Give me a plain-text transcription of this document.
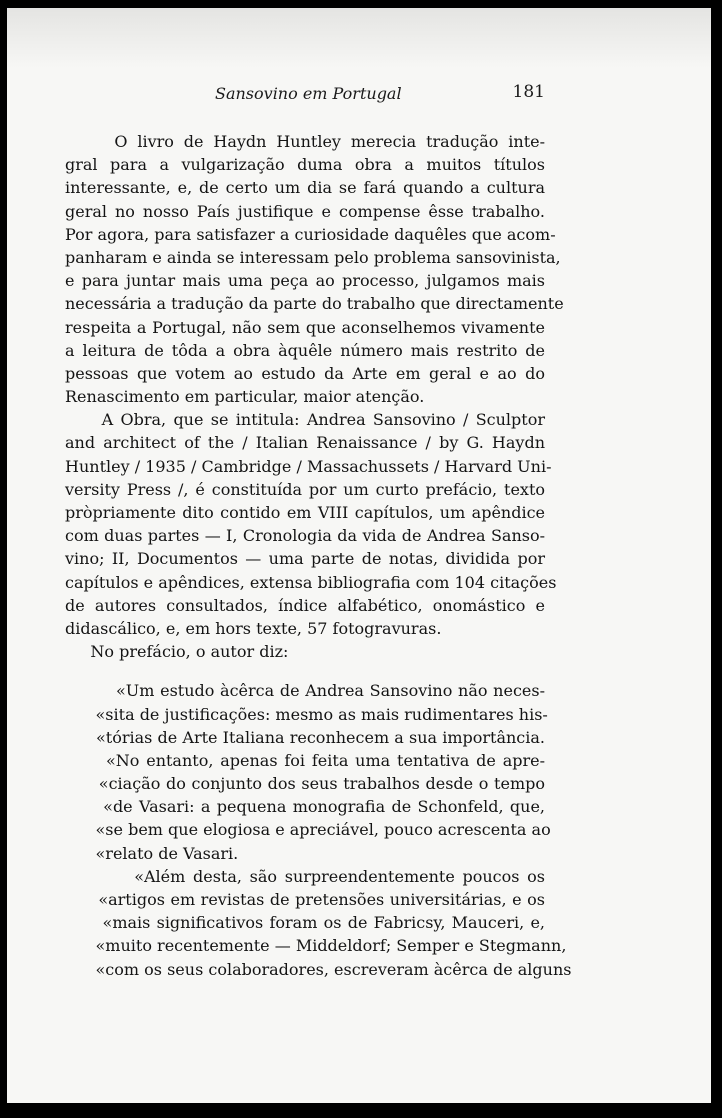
Sansovino em Portugal	181
O livro de Haydn Huntley merecia tradução inte-
gral para a vulgarização duma obra a muitos títulos
interessante, e, de certo um dia se fará quando a cultura
geral no nosso País justifique e compense êsse trabalho.
Por agora, para satisfazer a curiosidade daquêles que acom-
panharam e ainda se interessam pelo problema sansovinista,
e para juntar mais uma peça ao processo, julgamos mais
necessária a tradução da parte do trabalho que directamente
respeita a Portugal, não sem que aconselhemos vivamente
a leitura de tôda a obra àquêle número mais restrito de
pessoas que votem ao estudo da Arte em geral e ao do
Renascimento em particular, maior atenção.
A Obra, que se intitula: Andrea Sansovino / Sculptor
and architect of the / Italian Renaissance / by G. Haydn
Huntley / 1935 / Cambridge / Massachussets / Harvard Uni-
versity Press /, é constituída por um curto prefácio, texto
pròpriamente dito contido em VIII capítulos, um apêndice
com duas partes — I, Cronologia da vida de Andrea Sanso-
vino; II, Documentos — uma parte de notas, dividida por
capítulos e apêndices, extensa bibliografia com 104 citações
de autores consultados, índice alfabético, onomástico e
didascálico, e, em hors texte, 57 fotogravuras.
No prefácio, o autor diz:
«Um estudo àcêrca de Andrea Sansovino não neces-
«sita de justificações: mesmo as mais rudimentares his-
«tórias de Arte Italiana reconhecem a sua importância.
«No entanto, apenas foi feita uma tentativa de apre-
«ciação do conjunto dos seus trabalhos desde o tempo
«de Vasari: a pequena monografia de Schonfeld, que,
«se bem que elogiosa e apreciável, pouco acrescenta ao
«relato de Vasari.
«Além desta, são surpreendentemente poucos os
«artigos em revistas de pretensões universitárias, e os
«mais significativos foram os de Fabricsy, Mauceri, e,
«muito recentemente — Middeldorf; Semper e Stegmann,
«com os seus colaboradores, escreveram àcêrca de alguns
